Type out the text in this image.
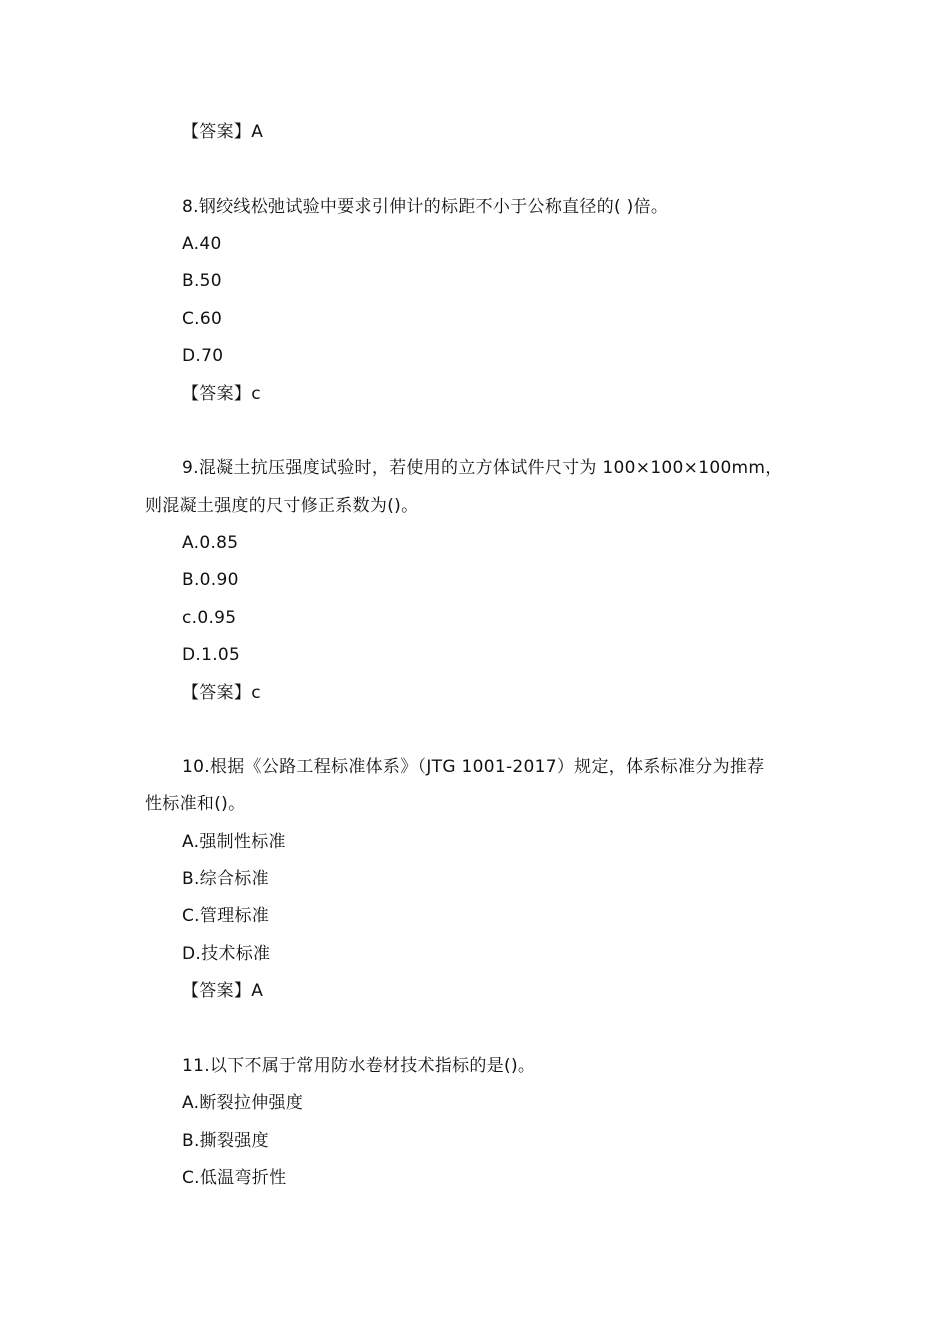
【答案】A
8.钢绞线松弛试验中要求引伸计的标距不小于公称直径的( )倍。
A.40
B.50
C.60
D.70
【答案】c
9.混凝土抗压强度试验时，若使用的立方体试件尺寸为 100×100×100mm，
则混凝土强度的尺寸修正系数为()。
A.0.85
B.0.90
c.0.95
D.1.05
【答案】c
10.根据《公路工程标准体系》（JTG 1001-2017）规定，体系标准分为推荐
性标准和()。
A.强制性标准
B.综合标准
C.管理标准
D.技术标准
【答案】A
11.以下不属于常用防水卷材技术指标的是()。
A.断裂拉伸强度
B.撕裂强度
C.低温弯折性
